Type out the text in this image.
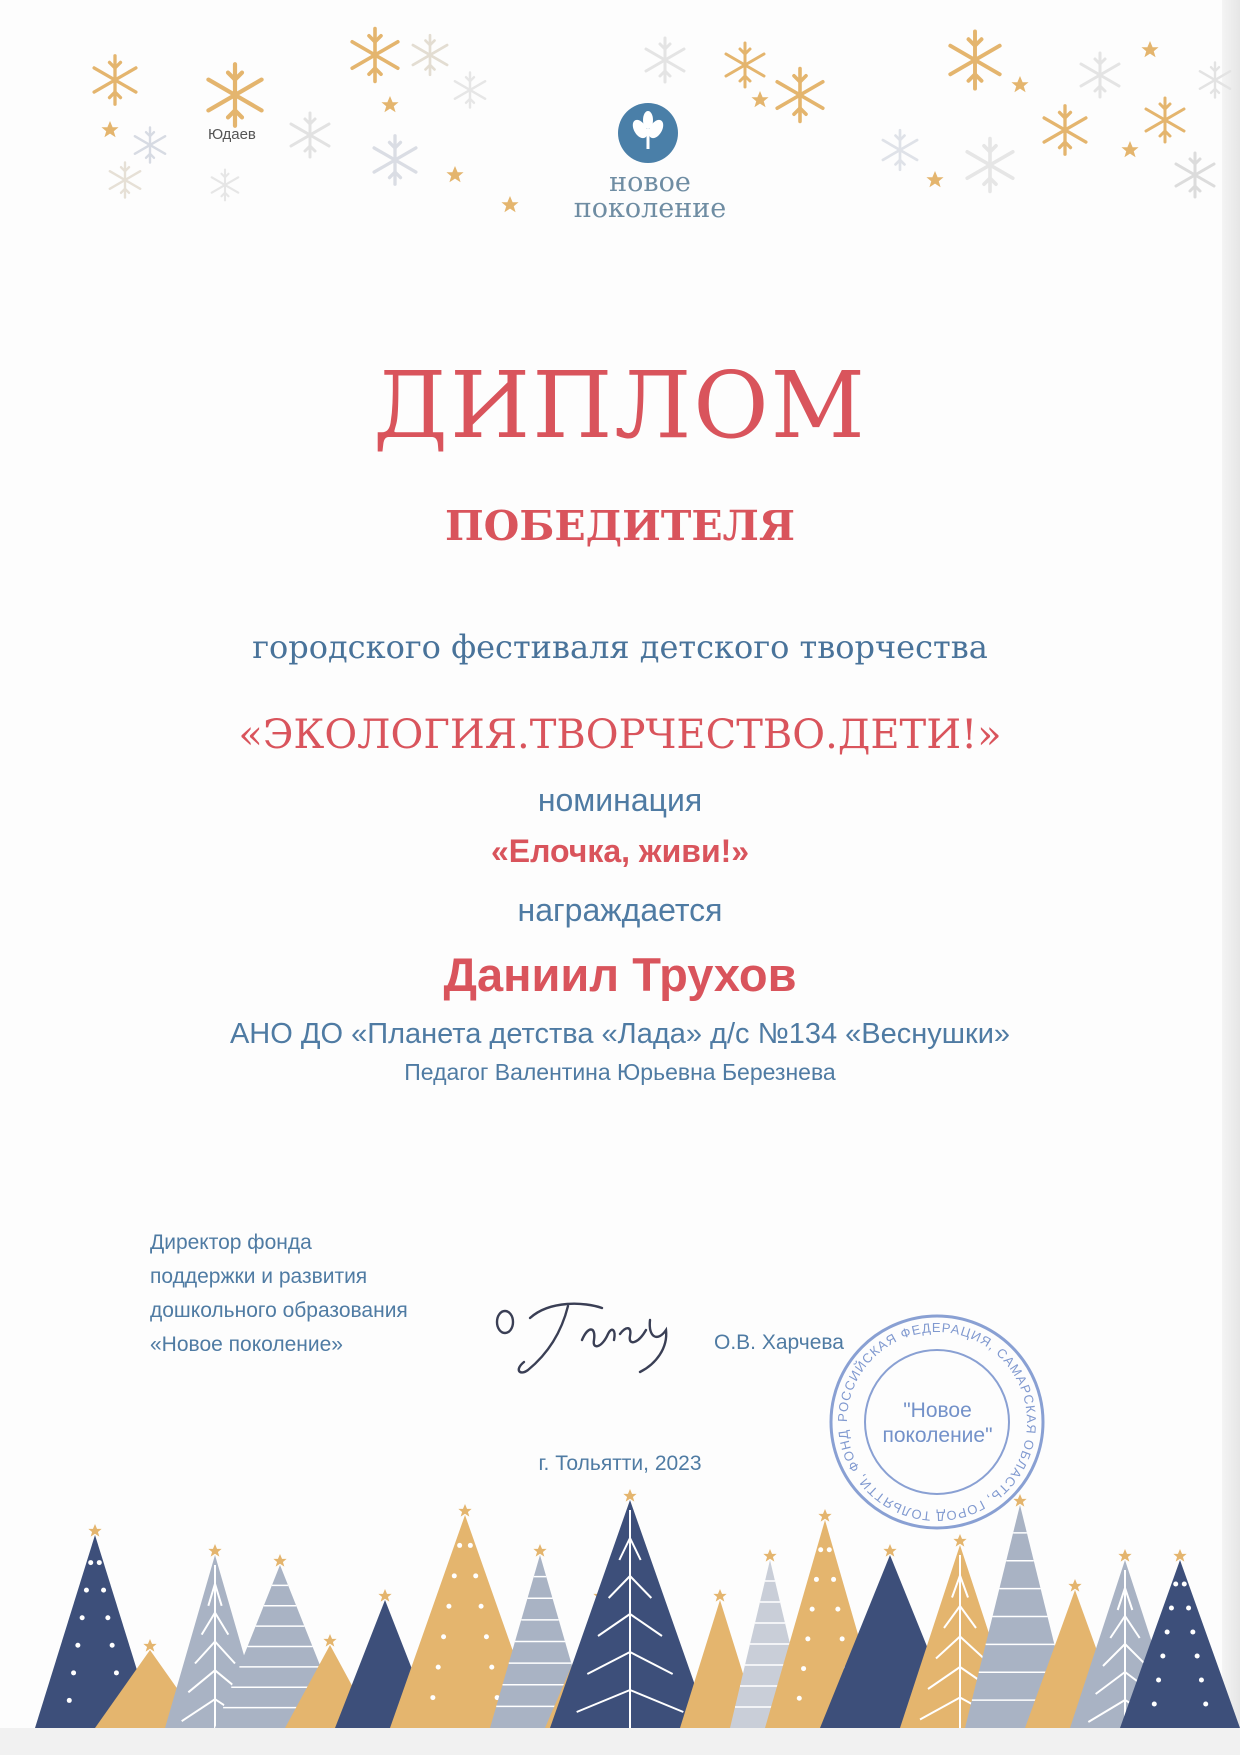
Юдаев
новое
поколение
ДИПЛОМ
ПОБЕДИТЕЛЯ
городского фестиваля детского творчества
«ЭКОЛОГИЯ.ТВОРЧЕСТВО.ДЕТИ!»
номинация
«Елочка, живи!»
награждается
Даниил Трухов
АНО ДО «Планета детства «Лада» д/с №134 «Веснушки»
Педагог Валентина Юрьевна Березнева
Директор фонда
поддержки и развития
дошкольного образования
«Новое поколение»	О.В. Харчева
РОССИЙСКАЯ ФЕДЕРАЦИЯ, САМАРСКАЯ ОБЛАСТЬ, ГОРОД ТОЛЬЯТТИ, ФОНД
"Новое
поколение"
г. Тольятти, 2023
